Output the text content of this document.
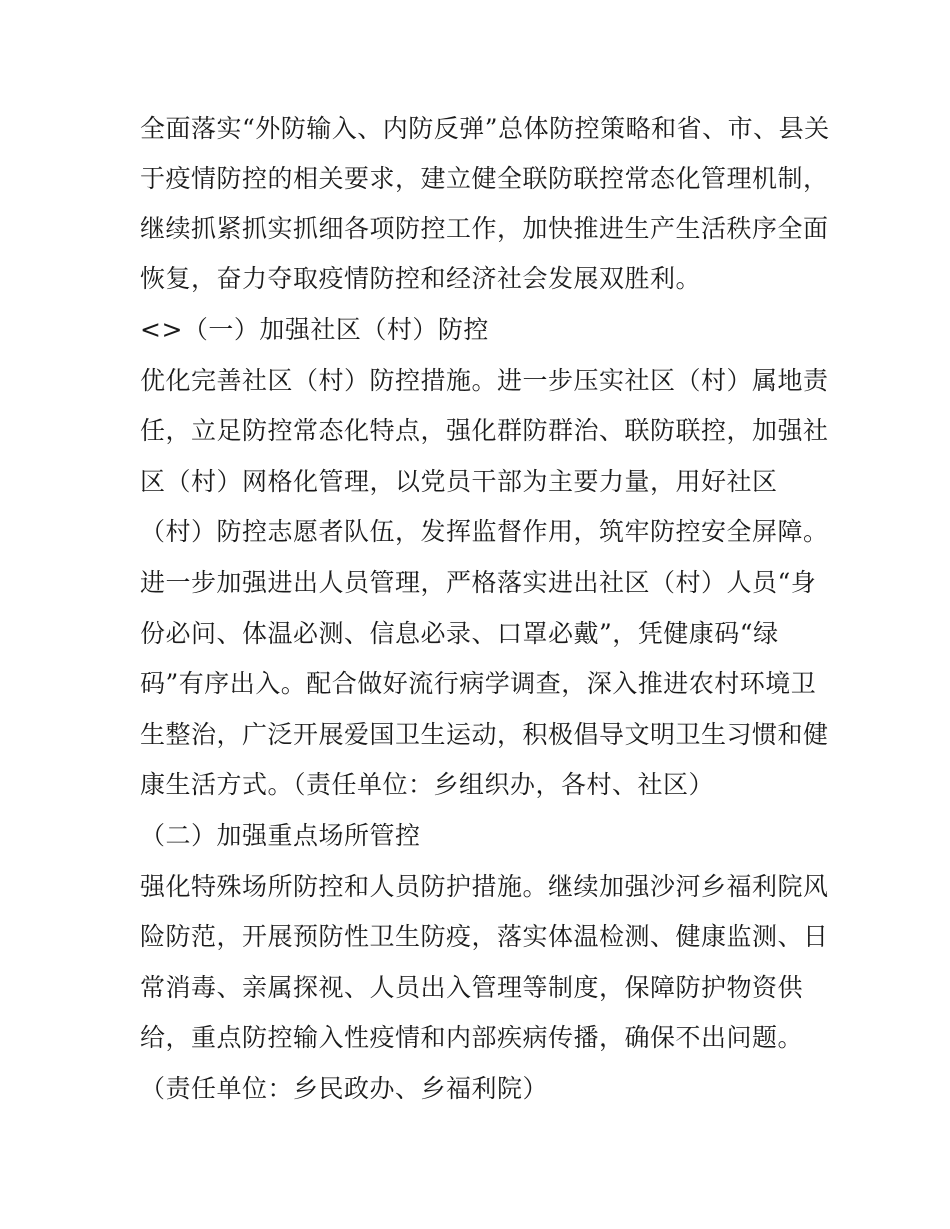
全面落实“外防输入、内防反弹”总体防控策略和省、市、县关
于疫情防控的相关要求，建立健全联防联控常态化管理机制，
继续抓紧抓实抓细各项防控工作，加快推进生产生活秩序全面
恢复，奋力夺取疫情防控和经济社会发展双胜利。
<>（一）加强社区（村）防控
优化完善社区（村）防控措施。进一步压实社区（村）属地责
任，立足防控常态化特点，强化群防群治、联防联控，加强社
区（村）网格化管理，以党员干部为主要力量，用好社区
（村）防控志愿者队伍，发挥监督作用，筑牢防控安全屏障。
进一步加强进出人员管理，严格落实进出社区（村）人员“身
份必问、体温必测、信息必录、口罩必戴”，凭健康码“绿
码”有序出入。配合做好流行病学调查，深入推进农村环境卫
生整治，广泛开展爱国卫生运动，积极倡导文明卫生习惯和健
康生活方式。（责任单位：乡组织办，各村、社区）
（二）加强重点场所管控
强化特殊场所防控和人员防护措施。继续加强沙河乡福利院风
险防范，开展预防性卫生防疫，落实体温检测、健康监测、日
常消毒、亲属探视、人员出入管理等制度，保障防护物资供
给，重点防控输入性疫情和内部疾病传播，确保不出问题。
（责任单位：乡民政办、乡福利院）
